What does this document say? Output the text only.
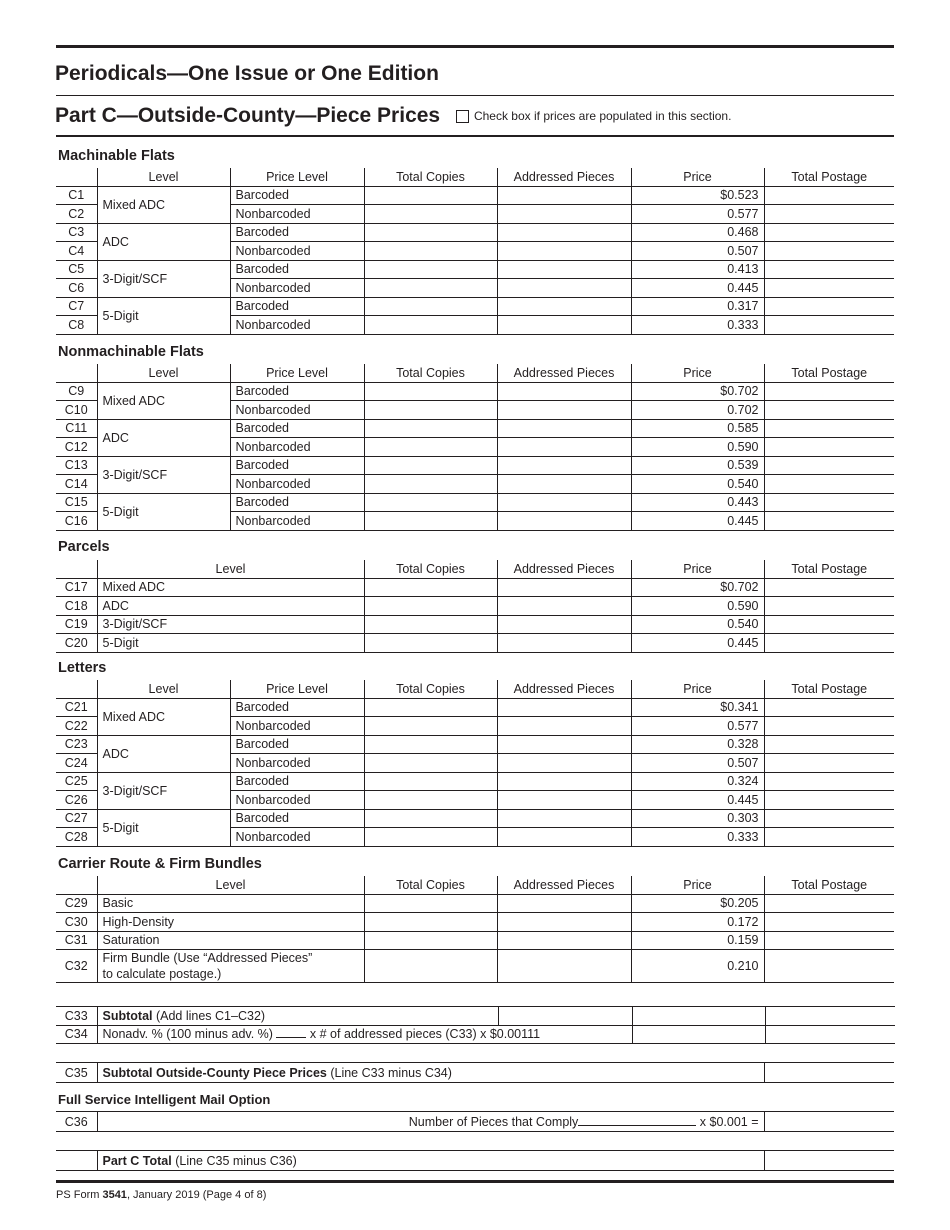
Periodicals—One Issue or One Edition
Part C—Outside-County—Piece Prices	Check box if prices are populated in this section.
Machinable Flats
	Level	Price Level	Total Copies	Addressed Pieces	Price	Total Postage
C1	Mixed ADC	Barcoded			$0.523	
C2		Nonbarcoded			0.577	
C3	ADC	Barcoded			0.468	
C4		Nonbarcoded			0.507	
C5	3-Digit/SCF	Barcoded			0.413	
C6		Nonbarcoded			0.445	
C7	5-Digit	Barcoded			0.317	
C8		Nonbarcoded			0.333	
Nonmachinable Flats
	Level	Price Level	Total Copies	Addressed Pieces	Price	Total Postage
C9	Mixed ADC	Barcoded			$0.702	
C10		Nonbarcoded			0.702	
C11	ADC	Barcoded			0.585	
C12		Nonbarcoded			0.590	
C13	3-Digit/SCF	Barcoded			0.539	
C14		Nonbarcoded			0.540	
C15	5-Digit	Barcoded			0.443	
C16		Nonbarcoded			0.445	
Parcels
	Level	Total Copies	Addressed Pieces	Price	Total Postage
C17	Mixed ADC			$0.702	
C18	ADC			0.590	
C19	3-Digit/SCF			0.540	
C20	5-Digit			0.445	
Letters
	Level	Price Level	Total Copies	Addressed Pieces	Price	Total Postage
C21	Mixed ADC	Barcoded			$0.341	
C22		Nonbarcoded			0.577	
C23	ADC	Barcoded			0.328	
C24		Nonbarcoded			0.507	
C25	3-Digit/SCF	Barcoded			0.324	
C26		Nonbarcoded			0.445	
C27	5-Digit	Barcoded			0.303	
C28		Nonbarcoded			0.333	
Carrier Route & Firm Bundles
	Level	Total Copies	Addressed Pieces	Price	Total Postage
C29	Basic			$0.205	
C30	High-Density			0.172	
C31	Saturation			0.159	
C32	Firm Bundle (Use “Addressed Pieces”
to calculate postage.)			0.210	
C33	Subtotal (Add lines C1–C32)			
C34	Nonadv. % (100 minus adv. %)  x # of addressed pieces (C33) x $0.00111			
C35	Subtotal Outside-County Piece Prices (Line C33 minus C34)	
Full Service Intelligent Mail Option
C36	Number of Pieces that Comply	x $0.001 =	
	Part C Total (Line C35 minus C36)	
PS Form 3541, January 2019 (Page 4 of 8)
